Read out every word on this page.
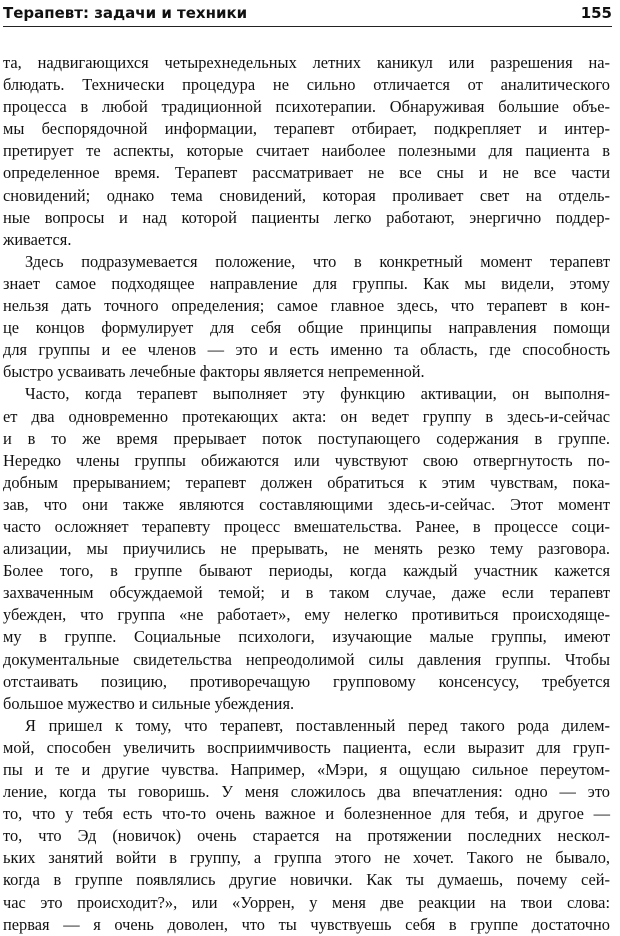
Терапевт: задачи и техники	155
та, надвигающихся четырехнедельных летних каникул или разрешения на-
блюдать. Технически процедура не сильно отличается от аналитического
процесса в любой традиционной психотерапии. Обнаруживая большие объе-
мы беспорядочной информации, терапевт отбирает, подкрепляет и интер-
претирует те аспекты, которые считает наиболее полезными для пациента в
определенное время. Терапевт рассматривает не все сны и не все части
сновидений; однако тема сновидений, которая проливает свет на отдель-
ные вопросы и над которой пациенты легко работают, энергично поддер-
живается.
Здесь подразумевается положение, что в конкретный момент терапевт
знает самое подходящее направление для группы. Как мы видели, этому
нельзя дать точного определения; самое главное здесь, что терапевт в кон-
це концов формулирует для себя общие принципы направления помощи
для группы и ее членов — это и есть именно та область, где способность
быстро усваивать лечебные факторы является непременной.
Часто, когда терапевт выполняет эту функцию активации, он выполня-
ет два одновременно протекающих акта: он ведет группу в здесь-и-сейчас
и в то же время прерывает поток поступающего содержания в группе.
Нередко члены группы обижаются или чувствуют свою отвергнутость по-
добным прерыванием; терапевт должен обратиться к этим чувствам, пока-
зав, что они также являются составляющими здесь-и-сейчас. Этот момент
часто осложняет терапевту процесс вмешательства. Ранее, в процессе соци-
ализации, мы приучились не прерывать, не менять резко тему разговора.
Более того, в группе бывают периоды, когда каждый участник кажется
захваченным обсуждаемой темой; и в таком случае, даже если терапевт
убежден, что группа «не работает», ему нелегко противиться происходящe-
му в группе. Социальные психологи, изучающие малые группы, имеют
документальные свидетельства непреодолимой силы давления группы. Чтобы
отстаивать позицию, противоречащую групповому консенсусу, требуется
большое мужество и сильные убеждения.
Я пришел к тому, что терапевт, поставленный перед такого рода дилем-
мой, способен увеличить восприимчивость пациента, если выразит для груп-
пы и те и другие чувства. Например, «Мэри, я ощущаю сильное переутом-
ление, когда ты говоришь. У меня сложилось два впечатления: одно — это
то, что у тебя есть что-то очень важное и болезненное для тебя, и другое —
то, что Эд (новичок) очень старается на протяжении последних нескол-
ьких занятий войти в группу, а группа этого не хочет. Такого не бывало,
когда в группе появлялись другие новички. Как ты думаешь, почему сей-
час это происходит?», или «Уоррен, у меня две реакции на твои слова:
первая — я очень доволен, что ты чувствуешь себя в группе достаточно
